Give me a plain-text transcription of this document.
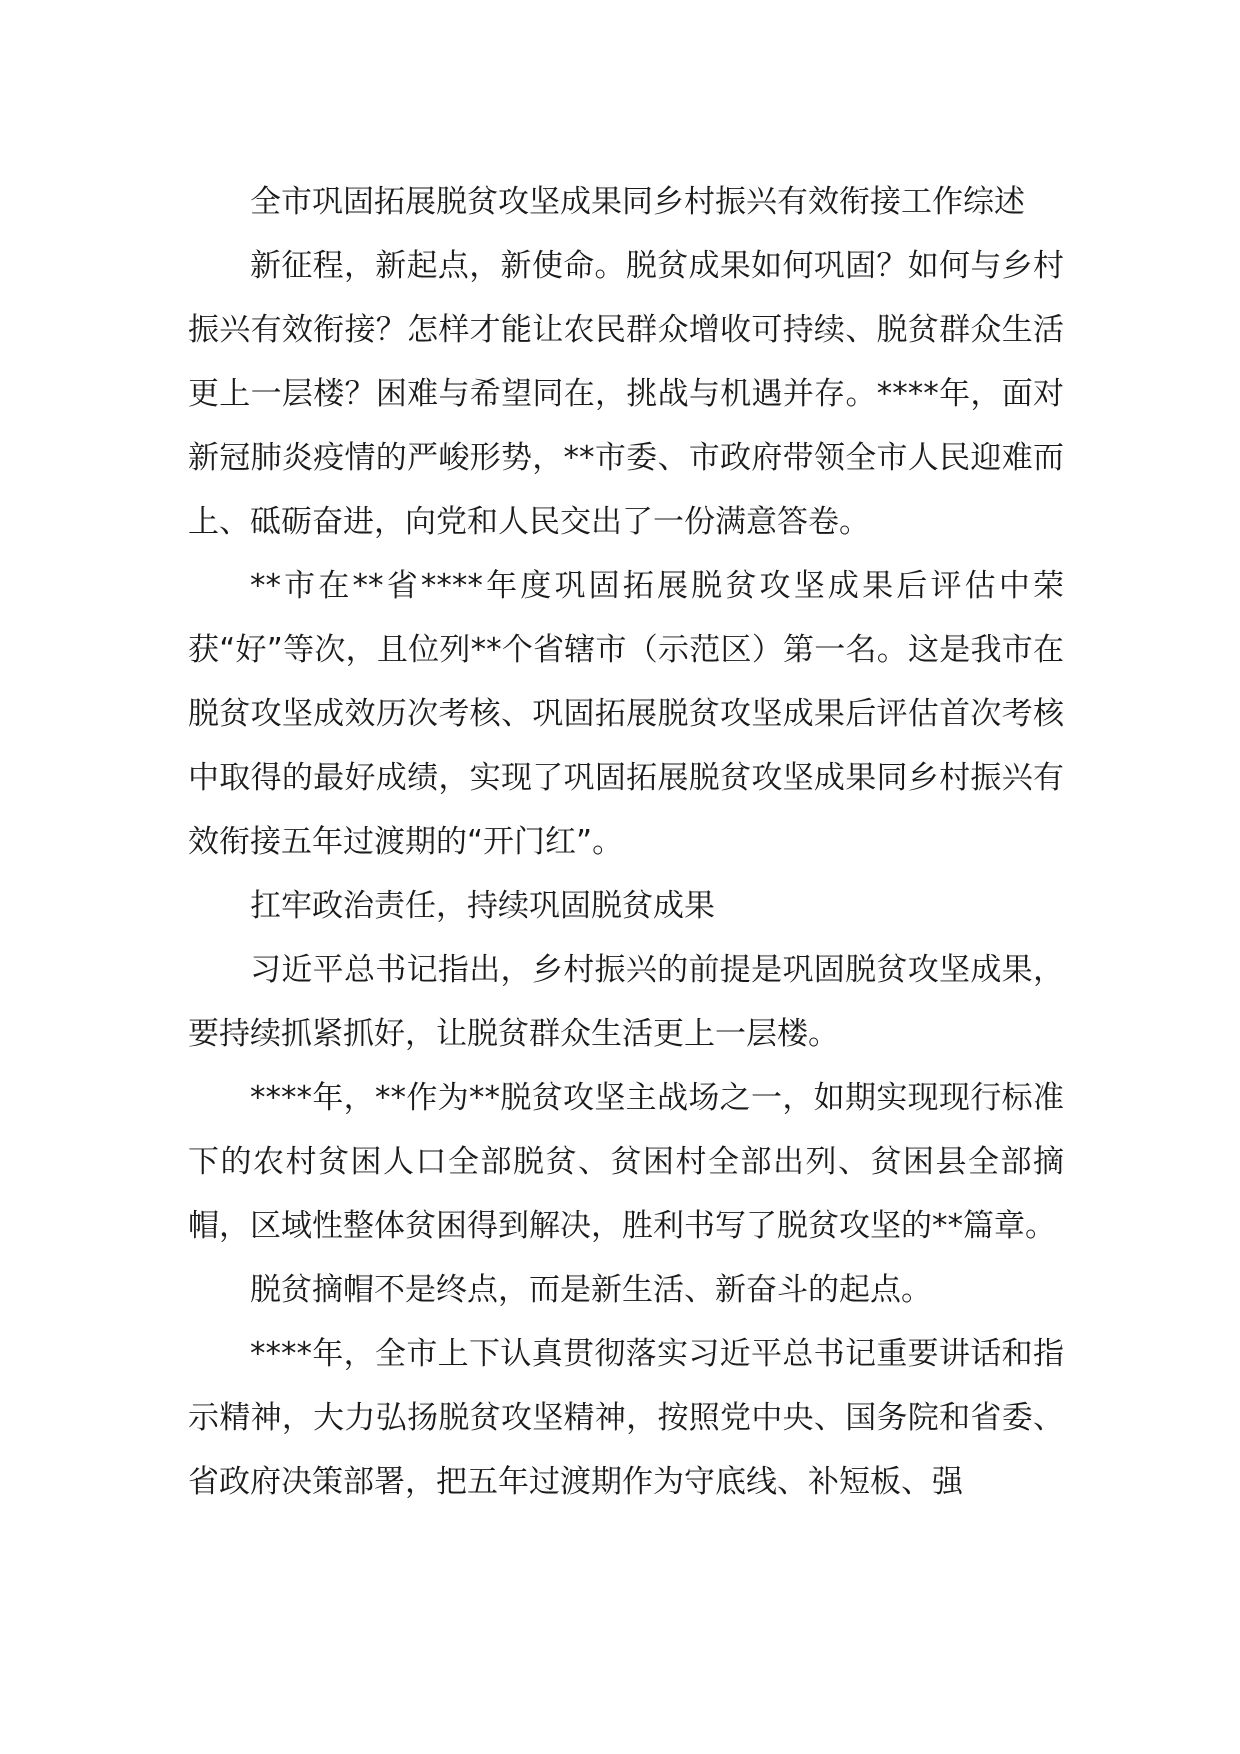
全市巩固拓展脱贫攻坚成果同乡村振兴有效衔接工作综述

新征程，新起点，新使命。脱贫成果如何巩固？如何与乡村振兴有效衔接？怎样才能让农民群众增收可持续、脱贫群众生活更上一层楼？困难与希望同在，挑战与机遇并存。****年，面对新冠肺炎疫情的严峻形势，**市委、市政府带领全市人民迎难而上、砥砺奋进，向党和人民交出了一份满意答卷。

**市在**省****年度巩固拓展脱贫攻坚成果后评估中荣获“好”等次，且位列**个省辖市（示范区）第一名。这是我市在脱贫攻坚成效历次考核、巩固拓展脱贫攻坚成果后评估首次考核中取得的最好成绩，实现了巩固拓展脱贫攻坚成果同乡村振兴有效衔接五年过渡期的“开门红”。

扛牢政治责任，持续巩固脱贫成果

习近平总书记指出，乡村振兴的前提是巩固脱贫攻坚成果，要持续抓紧抓好，让脱贫群众生活更上一层楼。

****年，**作为**脱贫攻坚主战场之一，如期实现现行标准下的农村贫困人口全部脱贫、贫困村全部出列、贫困县全部摘帽，区域性整体贫困得到解决，胜利书写了脱贫攻坚的**篇章。

脱贫摘帽不是终点，而是新生活、新奋斗的起点。

****年，全市上下认真贯彻落实习近平总书记重要讲话和指示精神，大力弘扬脱贫攻坚精神，按照党中央、国务院和省委、省政府决策部署，把五年过渡期作为守底线、补短板、强
